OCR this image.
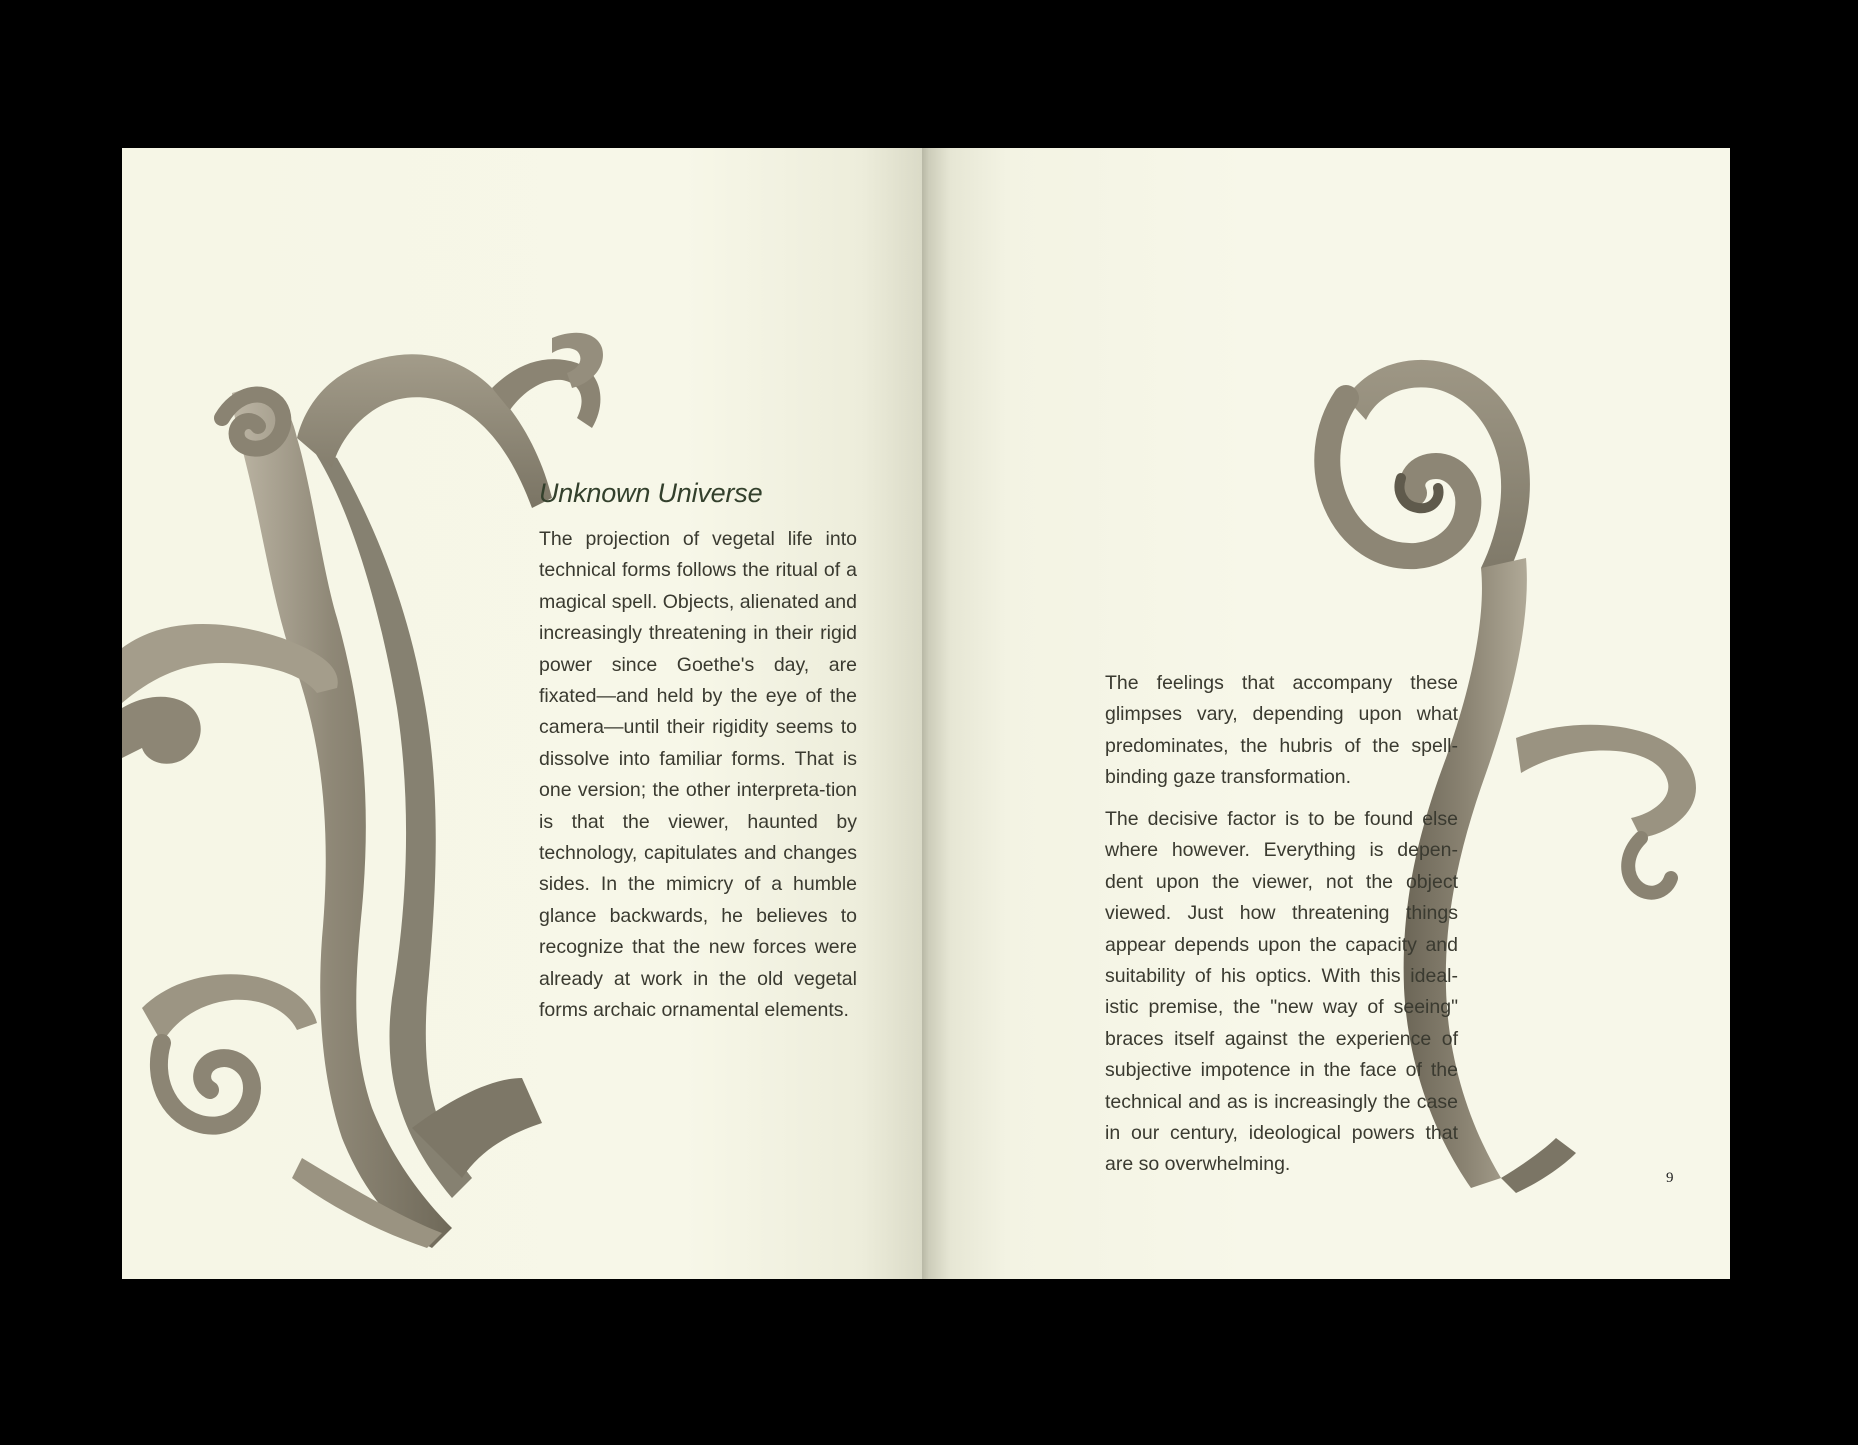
Unknown Universe

The projection of vegetal life into technical forms follows the ritual of a magical spell. Objects, alienated and increasingly threatening in their rigid power since Goethe's day, are fixated—and held by the eye of the camera—until their rigidity seems to dissolve into familiar forms. That is one version; the other interpreta-tion is that the viewer, haunted by technology, capitulates and changes sides. In the mimicry of a humble glance backwards, he believes to recognize that the new forces were already at work in the old vegetal forms archaic ornamental elements.

The feelings that accompany these glimpses vary, depending upon what predominates, the hubris of the spell-binding gaze transformation.

The decisive factor is to be found else where however. Everything is depen-dent upon the viewer, not the object viewed. Just how threatening things appear depends upon the capacity and suitability of his optics. With this ideal-istic premise, the "new way of seeing" braces itself against the experience of subjective impotence in the face of the technical and as is increasingly the case in our century, ideological powers that are so overwhelming.

9
